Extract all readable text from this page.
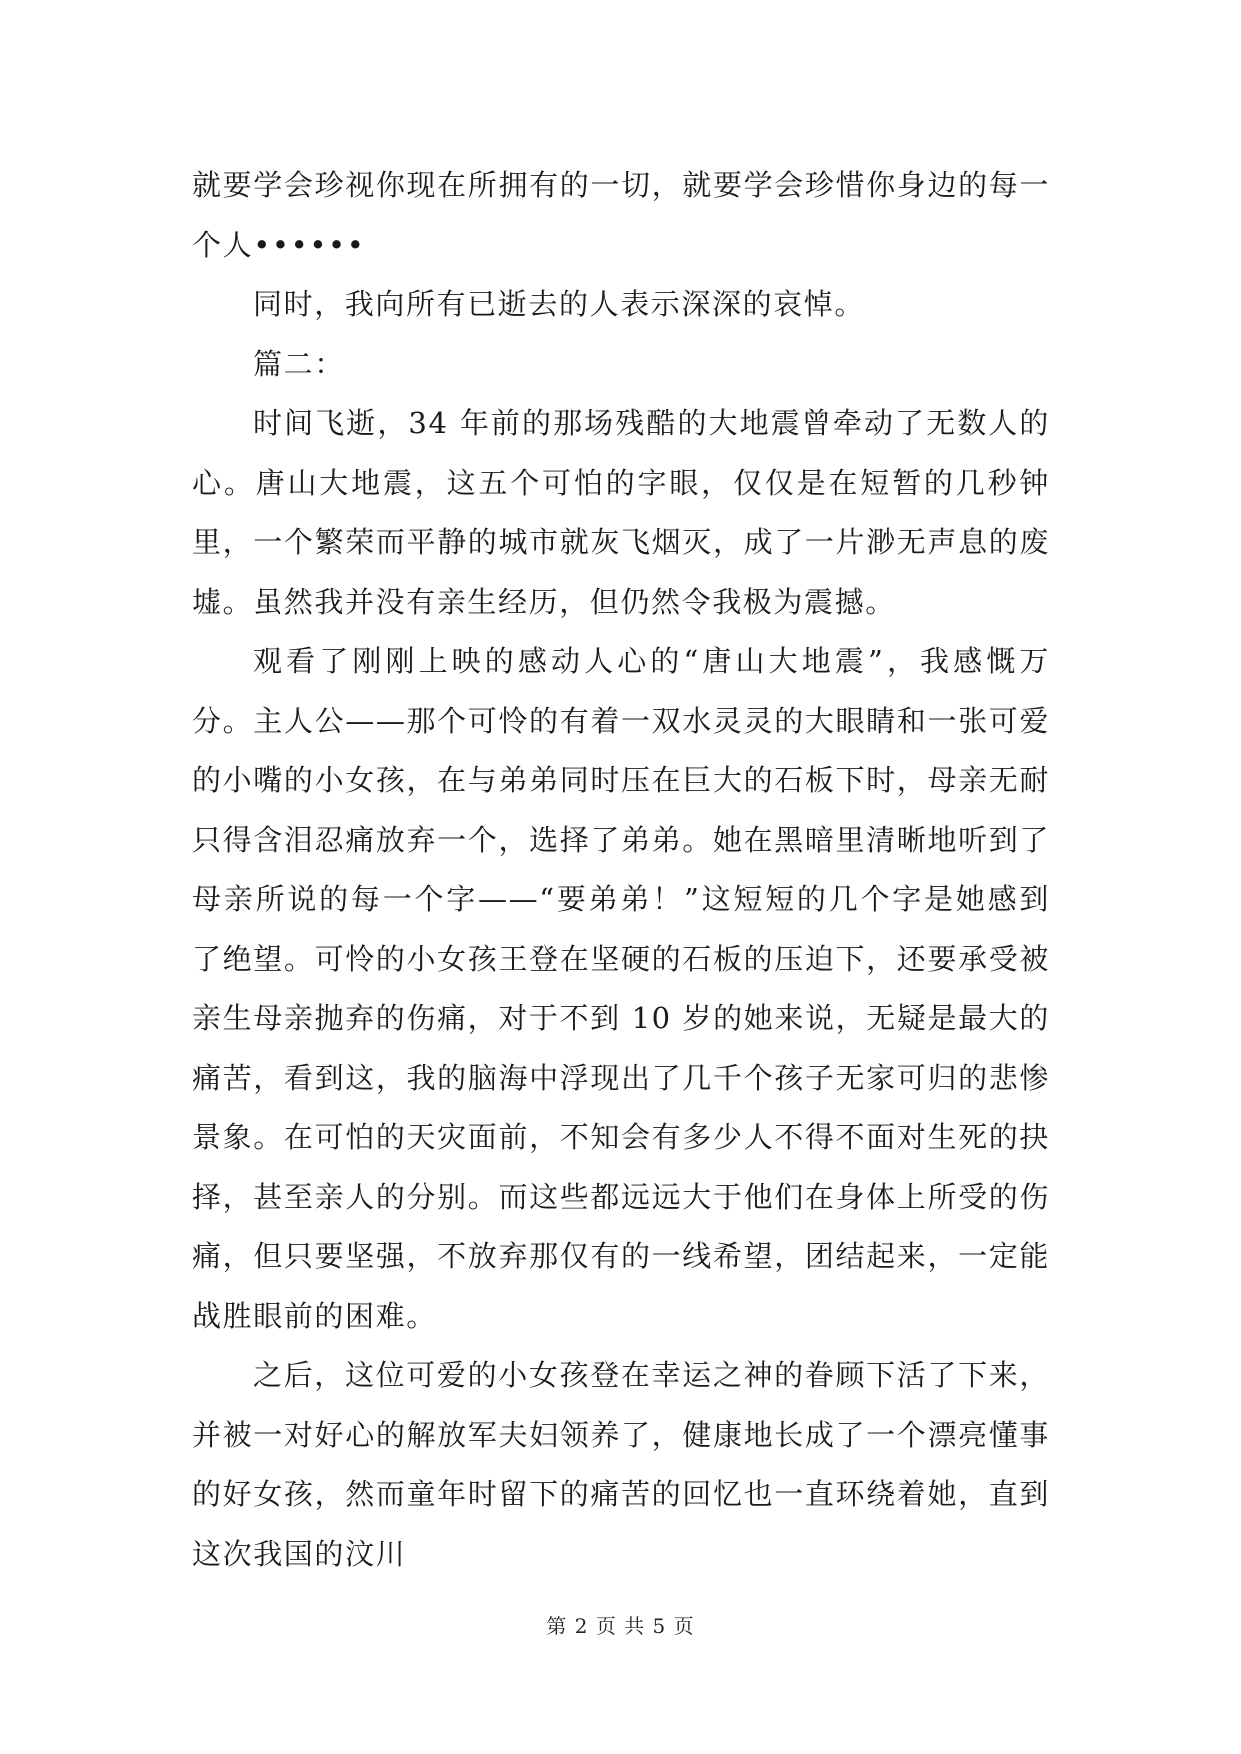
就要学会珍视你现在所拥有的一切，就要学会珍惜你身边的每一个人••••••

同时，我向所有已逝去的人表示深深的哀悼。

篇二：

时间飞逝，34 年前的那场残酷的大地震曾牵动了无数人的心。唐山大地震，这五个可怕的字眼，仅仅是在短暂的几秒钟里，一个繁荣而平静的城市就灰飞烟灭，成了一片渺无声息的废墟。虽然我并没有亲生经历，但仍然令我极为震撼。

观看了刚刚上映的感动人心的“唐山大地震”，我感慨万分。主人公——那个可怜的有着一双水灵灵的大眼睛和一张可爱的小嘴的小女孩，在与弟弟同时压在巨大的石板下时，母亲无耐只得含泪忍痛放弃一个，选择了弟弟。她在黑暗里清晰地听到了母亲所说的每一个字——“要弟弟！”这短短的几个字是她感到了绝望。可怜的小女孩王登在坚硬的石板的压迫下，还要承受被亲生母亲抛弃的伤痛，对于不到 10 岁的她来说，无疑是最大的痛苦，看到这，我的脑海中浮现出了几千个孩子无家可归的悲惨景象。在可怕的天灾面前，不知会有多少人不得不面对生死的抉择，甚至亲人的分别。而这些都远远大于他们在身体上所受的伤痛，但只要坚强，不放弃那仅有的一线希望，团结起来，一定能战胜眼前的困难。

之后，这位可爱的小女孩登在幸运之神的眷顾下活了下来，并被一对好心的解放军夫妇领养了，健康地长成了一个漂亮懂事的好女孩，然而童年时留下的痛苦的回忆也一直环绕着她，直到这次我国的汶川

第 2 页 共 5 页
